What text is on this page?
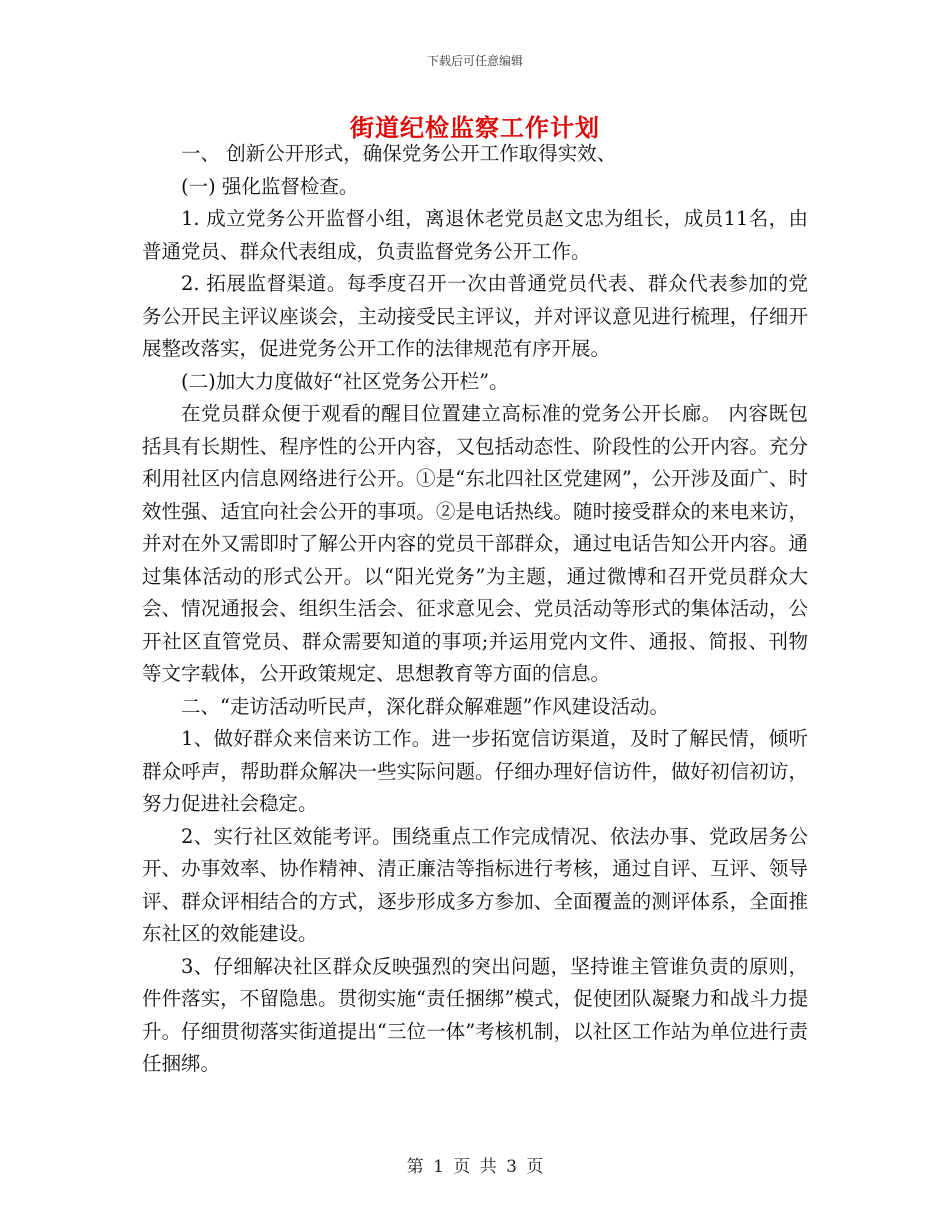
下载后可任意编辑
街道纪检监察工作计划

一、 创新公开形式，确保党务公开工作取得实效、

(一) 强化监督检查。

1. 成立党务公开监督小组，离退休老党员赵文忠为组长，成员11名，由普通党员、群众代表组成，负责监督党务公开工作。

2. 拓展监督渠道。每季度召开一次由普通党员代表、群众代表参加的党务公开民主评议座谈会，主动接受民主评议，并对评议意见进行梳理，仔细开展整改落实，促进党务公开工作的法律规范有序开展。

(二)加大力度做好“社区党务公开栏”。

在党员群众便于观看的醒目位置建立高标准的党务公开长廊。 内容既包括具有长期性、程序性的公开内容，又包括动态性、阶段性的公开内容。充分利用社区内信息网络进行公开。①是“东北四社区党建网”，公开涉及面广、时效性强、适宜向社会公开的事项。②是电话热线。随时接受群众的来电来访，并对在外又需即时了解公开内容的党员干部群众，通过电话告知公开内容。通过集体活动的形式公开。以“阳光党务”为主题，通过微博和召开党员群众大会、情况通报会、组织生活会、征求意见会、党员活动等形式的集体活动，公开社区直管党员、群众需要知道的事项;并运用党内文件、通报、简报、刊物等文字载体，公开政策规定、思想教育等方面的信息。

二、“走访活动听民声，深化群众解难题”作风建设活动。

1、做好群众来信来访工作。进一步拓宽信访渠道，及时了解民情，倾听群众呼声，帮助群众解决一些实际问题。仔细办理好信访件，做好初信初访，努力促进社会稳定。

2、实行社区效能考评。围绕重点工作完成情况、依法办事、党政居务公开、办事效率、协作精神、清正廉洁等指标进行考核，通过自评、互评、领导评、群众评相结合的方式，逐步形成多方参加、全面覆盖的测评体系，全面推东社区的效能建设。

3、仔细解决社区群众反映强烈的突出问题，坚持谁主管谁负责的原则，件件落实，不留隐患。贯彻实施“责任捆绑”模式，促使团队凝聚力和战斗力提升。仔细贯彻落实街道提出“三位一体”考核机制，以社区工作站为单位进行责任捆绑。

第 1 页 共 3 页
